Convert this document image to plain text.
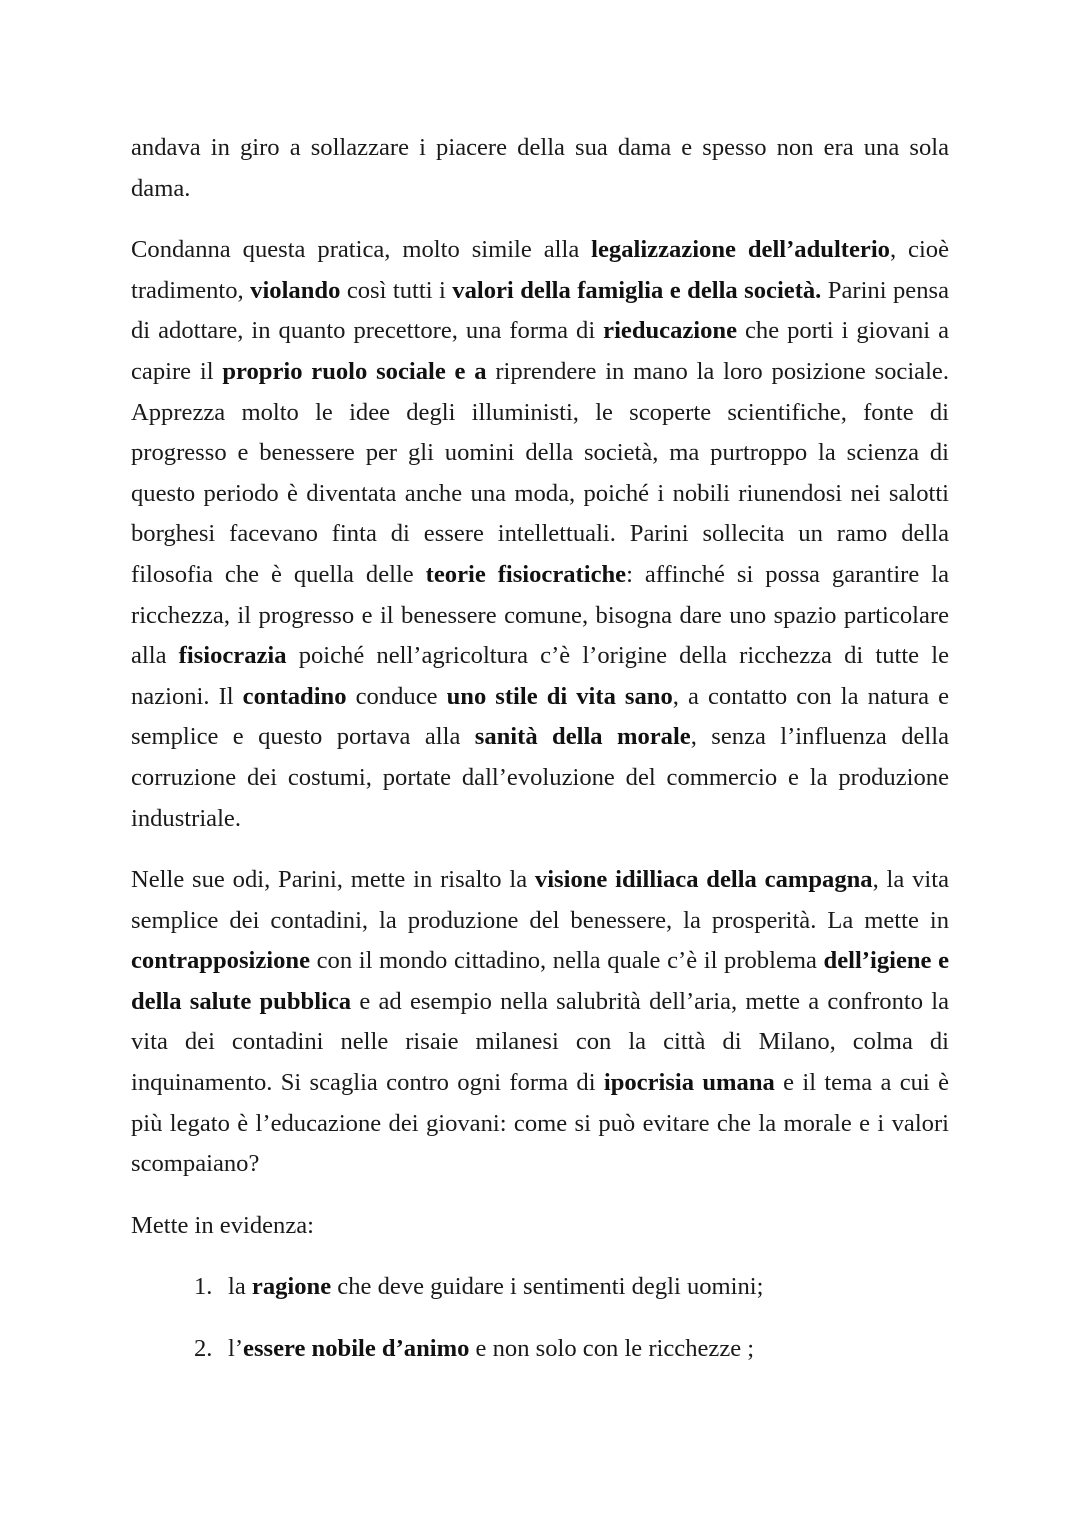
andava in giro a sollazzare i piacere della sua dama e spesso non era una sola dama.

Condanna questa pratica, molto simile alla legalizzazione dell’adulterio, cioè tradimento, violando così tutti i valori della famiglia e della società. Parini pensa di adottare, in quanto precettore, una forma di rieducazione che porti i giovani a capire il proprio ruolo sociale e a riprendere in mano la loro posizione sociale. Apprezza molto le idee degli illuministi, le scoperte scientifiche, fonte di progresso e benessere per gli uomini della società, ma purtroppo la scienza di questo periodo è diventata anche una moda, poiché i nobili riunendosi nei salotti borghesi facevano finta di essere intellettuali. Parini sollecita un ramo della filosofia che è quella delle teorie fisiocratiche: affinché si possa garantire la ricchezza, il progresso e il benessere comune, bisogna dare uno spazio particolare alla fisiocrazia poiché nell’agricoltura c’è l’origine della ricchezza di tutte le nazioni. Il contadino conduce uno stile di vita sano, a contatto con la natura e semplice e questo portava alla sanità della morale, senza l’influenza della corruzione dei costumi, portate dall’evoluzione del commercio e la produzione industriale.

Nelle sue odi, Parini, mette in risalto la visione idilliaca della campagna, la vita semplice dei contadini, la produzione del benessere, la prosperità. La mette in contrapposizione con il mondo cittadino, nella quale c’è il problema dell’igiene e della salute pubblica e ad esempio nella salubrità dell’aria, mette a confronto la vita dei contadini nelle risaie milanesi con la città di Milano, colma di inquinamento. Si scaglia contro ogni forma di ipocrisia umana e il tema a cui è più legato è l’educazione dei giovani: come si può evitare che la morale e i valori scompaiano?

Mette in evidenza:

1. la ragione che deve guidare i sentimenti degli uomini;
2. l’essere nobile d’animo e non solo con le ricchezze ;
